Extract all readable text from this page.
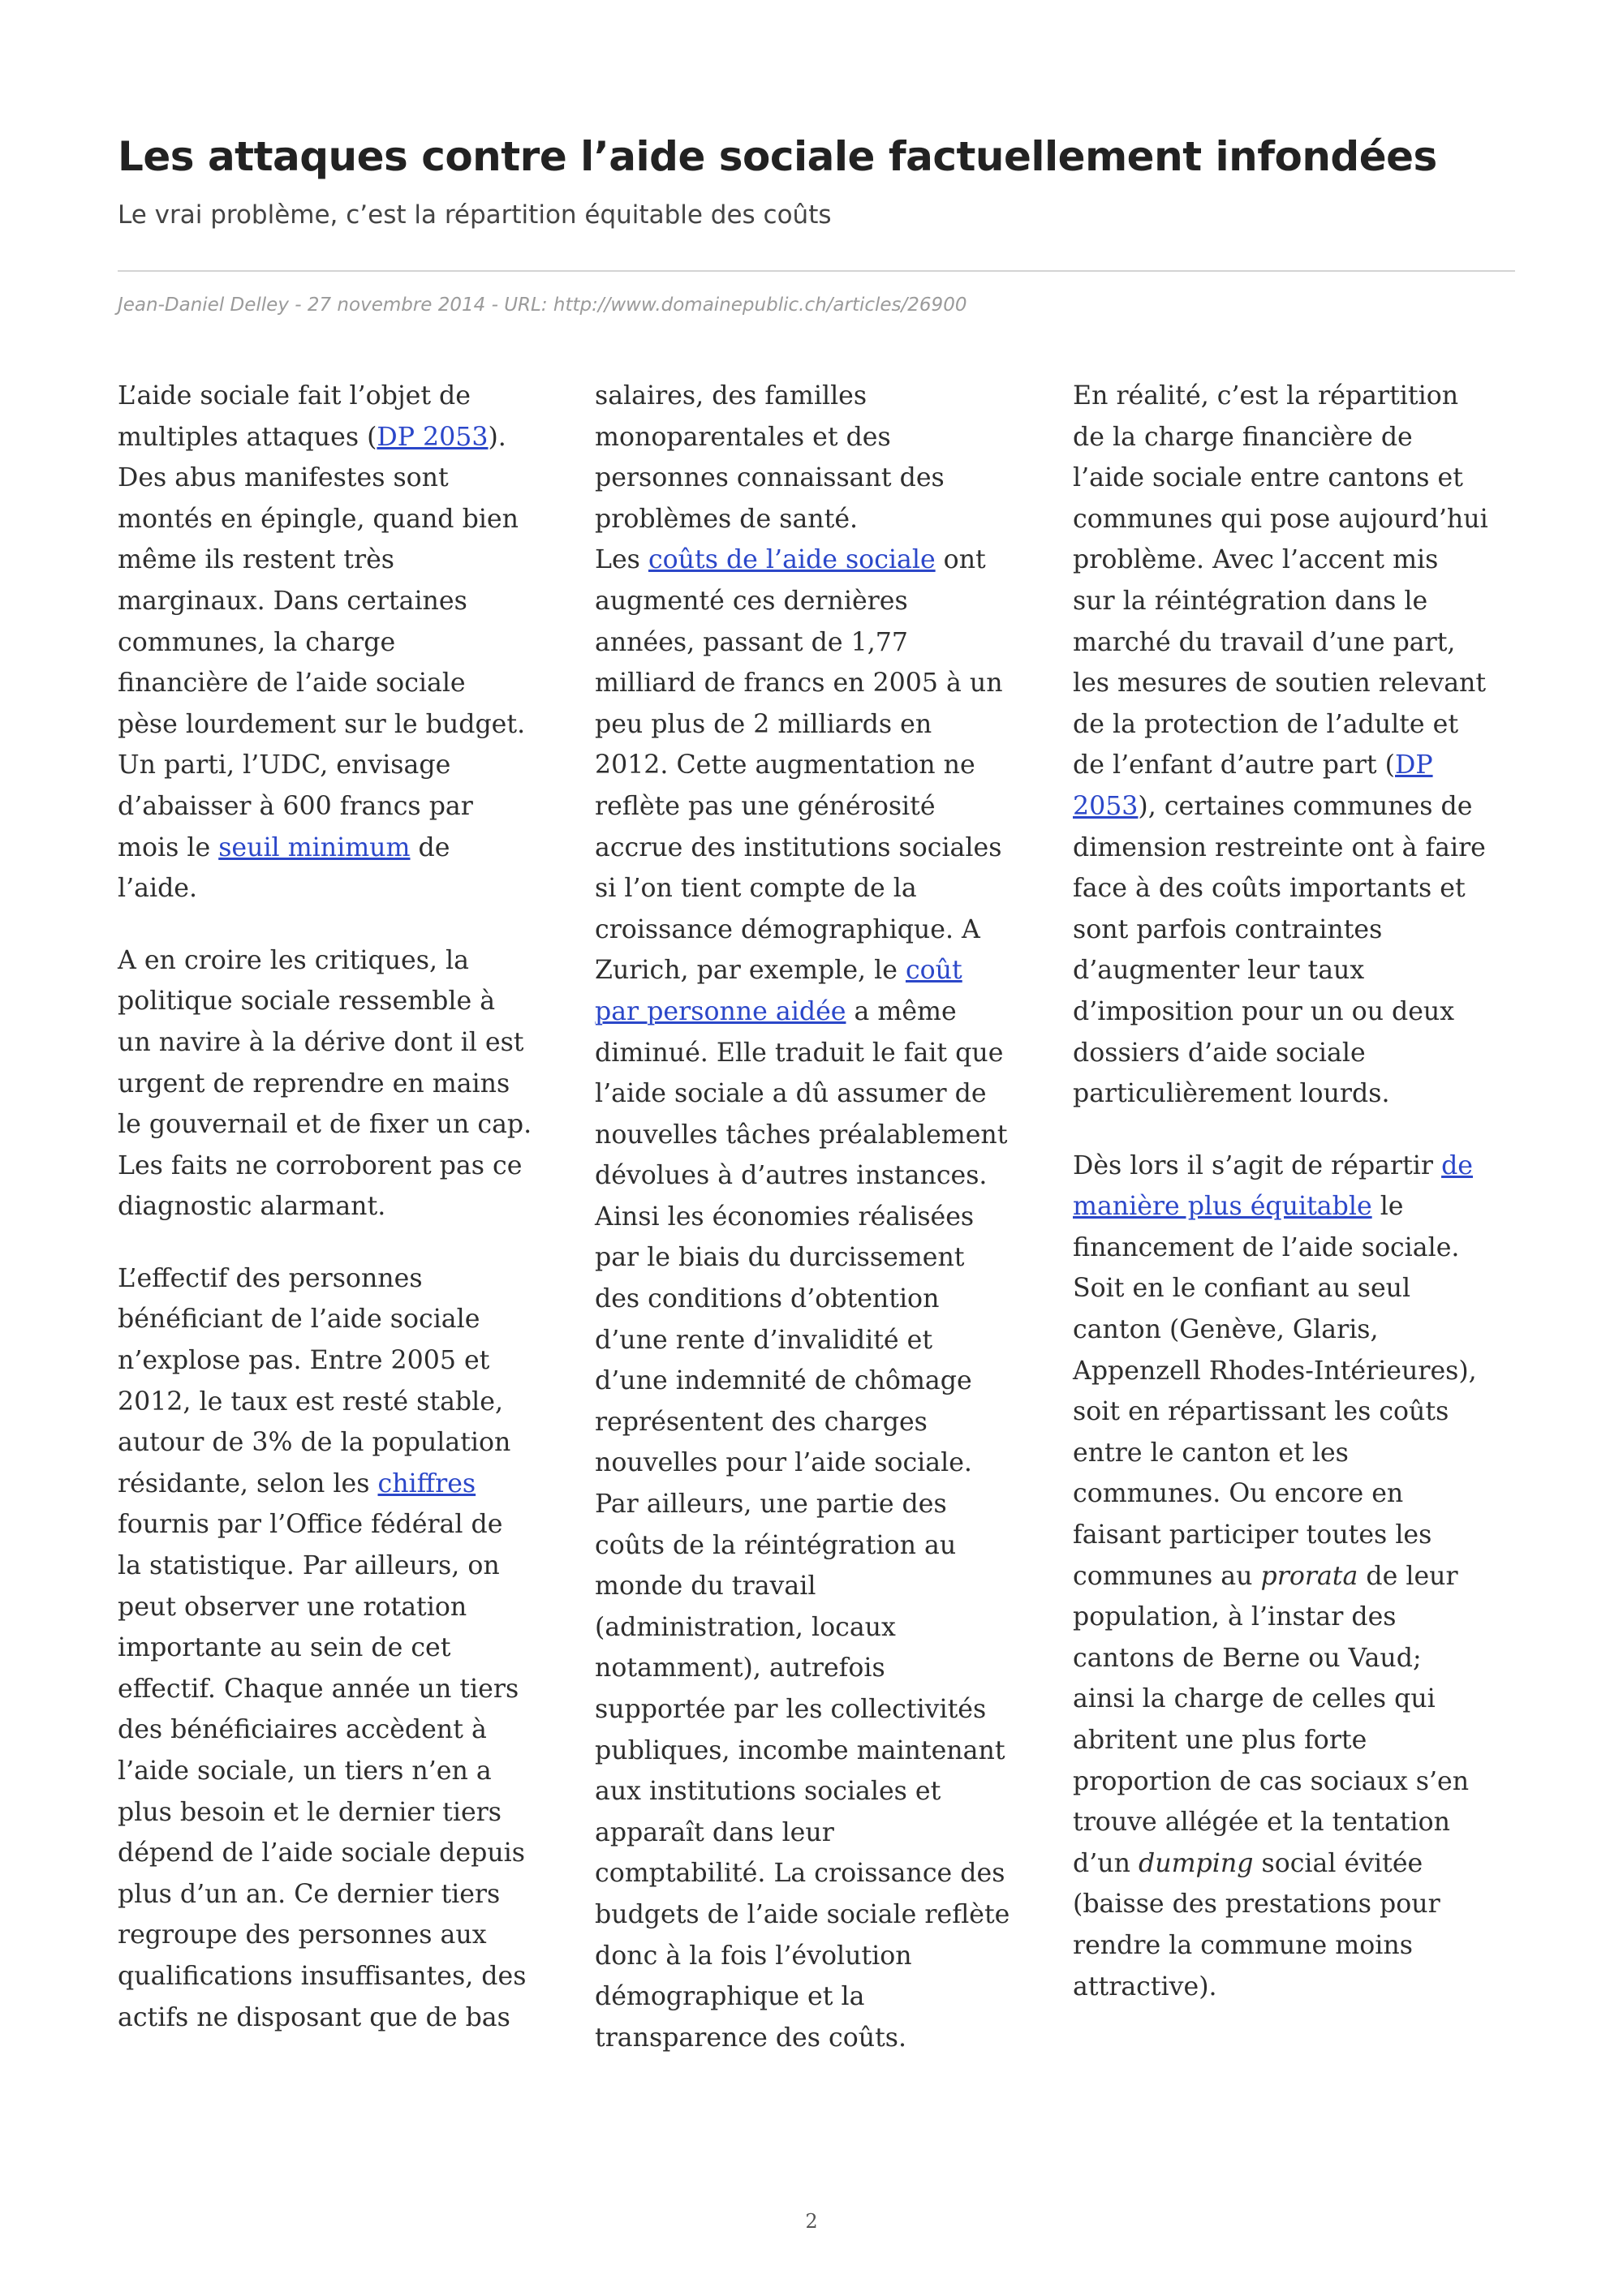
Les attaques contre l’aide sociale factuellement infondées
Le vrai problème, c’est la répartition équitable des coûts
Jean-Daniel Delley - 27 novembre 2014 - URL: http://www.domainepublic.ch/articles/26900

L’aide sociale fait l’objet de
multiples attaques (DP 2053).
Des abus manifestes sont
montés en épingle, quand bien
même ils restent très
marginaux. Dans certaines
communes, la charge
financière de l’aide sociale
pèse lourdement sur le budget.
Un parti, l’UDC, envisage
d’abaisser à 600 francs par
mois le seuil minimum de
l’aide.

A en croire les critiques, la
politique sociale ressemble à
un navire à la dérive dont il est
urgent de reprendre en mains
le gouvernail et de fixer un cap.
Les faits ne corroborent pas ce
diagnostic alarmant.

L’effectif des personnes
bénéficiant de l’aide sociale
n’explose pas. Entre 2005 et
2012, le taux est resté stable,
autour de 3% de la population
résidante, selon les chiffres
fournis par l’Office fédéral de
la statistique. Par ailleurs, on
peut observer une rotation
importante au sein de cet
effectif. Chaque année un tiers
des bénéficiaires accèdent à
l’aide sociale, un tiers n’en a
plus besoin et le dernier tiers
dépend de l’aide sociale depuis
plus d’un an. Ce dernier tiers
regroupe des personnes aux
qualifications insuffisantes, des
actifs ne disposant que de bas

salaires, des familles
monoparentales et des
personnes connaissant des
problèmes de santé.
Les coûts de l’aide sociale ont
augmenté ces dernières
années, passant de 1,77
milliard de francs en 2005 à un
peu plus de 2 milliards en
2012. Cette augmentation ne
reflète pas une générosité
accrue des institutions sociales
si l’on tient compte de la
croissance démographique. A
Zurich, par exemple, le coût
par personne aidée a même
diminué. Elle traduit le fait que
l’aide sociale a dû assumer de
nouvelles tâches préalablement
dévolues à d’autres instances.
Ainsi les économies réalisées
par le biais du durcissement
des conditions d’obtention
d’une rente d’invalidité et
d’une indemnité de chômage
représentent des charges
nouvelles pour l’aide sociale.
Par ailleurs, une partie des
coûts de la réintégration au
monde du travail
(administration, locaux
notamment), autrefois
supportée par les collectivités
publiques, incombe maintenant
aux institutions sociales et
apparaît dans leur
comptabilité. La croissance des
budgets de l’aide sociale reflète
donc à la fois l’évolution
démographique et la
transparence des coûts.

En réalité, c’est la répartition
de la charge financière de
l’aide sociale entre cantons et
communes qui pose aujourd’hui
problème. Avec l’accent mis
sur la réintégration dans le
marché du travail d’une part,
les mesures de soutien relevant
de la protection de l’adulte et
de l’enfant d’autre part (DP
2053), certaines communes de
dimension restreinte ont à faire
face à des coûts importants et
sont parfois contraintes
d’augmenter leur taux
d’imposition pour un ou deux
dossiers d’aide sociale
particulièrement lourds.

Dès lors il s’agit de répartir de
manière plus équitable le
financement de l’aide sociale.
Soit en le confiant au seul
canton (Genève, Glaris,
Appenzell Rhodes-Intérieures),
soit en répartissant les coûts
entre le canton et les
communes. Ou encore en
faisant participer toutes les
communes au prorata de leur
population, à l’instar des
cantons de Berne ou Vaud;
ainsi la charge de celles qui
abritent une plus forte
proportion de cas sociaux s’en
trouve allégée et la tentation
d’un dumping social évitée
(baisse des prestations pour
rendre la commune moins
attractive).

2
